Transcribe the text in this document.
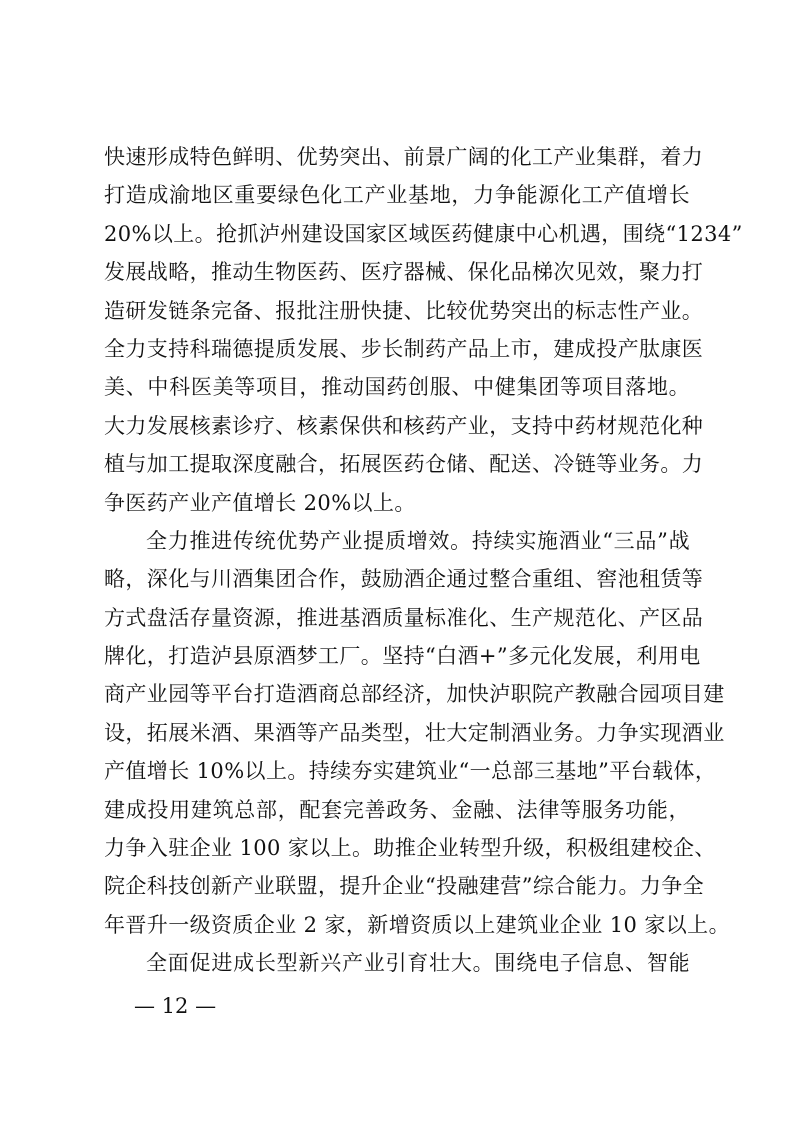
快速形成特色鲜明、优势突出、前景广阔的化工产业集群，着力
打造成渝地区重要绿色化工产业基地，力争能源化工产值增长
20%以上。抢抓泸州建设国家区域医药健康中心机遇，围绕“1234”
发展战略，推动生物医药、医疗器械、保化品梯次见效，聚力打
造研发链条完备、报批注册快捷、比较优势突出的标志性产业。
全力支持科瑞德提质发展、步长制药产品上市，建成投产肽康医
美、中科医美等项目，推动国药创服、中健集团等项目落地。
大力发展核素诊疗、核素保供和核药产业，支持中药材规范化种
植与加工提取深度融合，拓展医药仓储、配送、冷链等业务。力
争医药产业产值增长 20%以上。
全力推进传统优势产业提质增效。持续实施酒业“三品”战
略，深化与川酒集团合作，鼓励酒企通过整合重组、窖池租赁等
方式盘活存量资源，推进基酒质量标准化、生产规范化、产区品
牌化，打造泸县原酒梦工厂。坚持“白酒+”多元化发展，利用电
商产业园等平台打造酒商总部经济，加快泸职院产教融合园项目建
设，拓展米酒、果酒等产品类型，壮大定制酒业务。力争实现酒业
产值增长 10%以上。持续夯实建筑业“一总部三基地”平台载体，
建成投用建筑总部，配套完善政务、金融、法律等服务功能，
力争入驻企业 100 家以上。助推企业转型升级，积极组建校企、
院企科技创新产业联盟，提升企业“投融建营”综合能力。力争全
年晋升一级资质企业 2 家，新增资质以上建筑业企业 10 家以上。
全面促进成长型新兴产业引育壮大。围绕电子信息、智能
— 12 —
